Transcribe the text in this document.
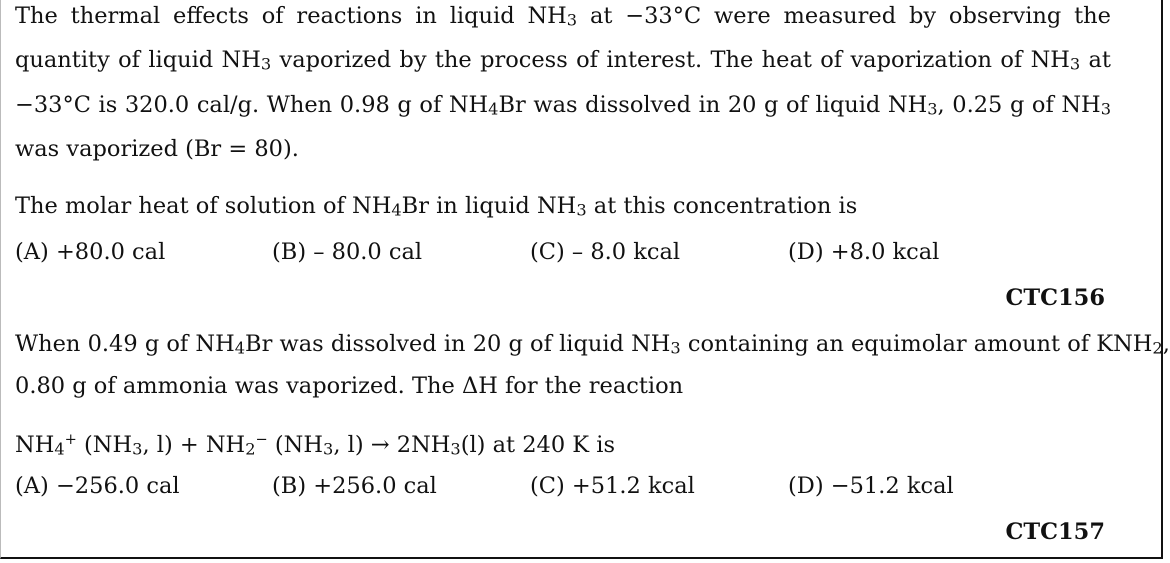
The thermal effects of reactions in liquid NH3 at −33°C were measured by observing the quantity of liquid NH3 vaporized by the process of interest. The heat of vaporization of NH3 at −33°C is 320.0 cal/g. When 0.98 g of NH4Br was dissolved in 20 g of liquid NH3, 0.25 g of NH3 was vaporized (Br = 80).

The molar heat of solution of NH4Br in liquid NH3 at this concentration is
(A) +80.0 cal	(B) – 80.0 cal	(C) – 8.0 kcal	(D) +8.0 kcal
CTC156
When 0.49 g of NH4Br was dissolved in 20 g of liquid NH3 containing an equimolar amount of KNH2,
0.80 g of ammonia was vaporized. The ΔH for the reaction
NH4+ (NH3, l) + NH2− (NH3, l) → 2NH3(l) at 240 K is
(A) −256.0 cal	(B) +256.0 cal	(C) +51.2 kcal	(D) −51.2 kcal
CTC157
